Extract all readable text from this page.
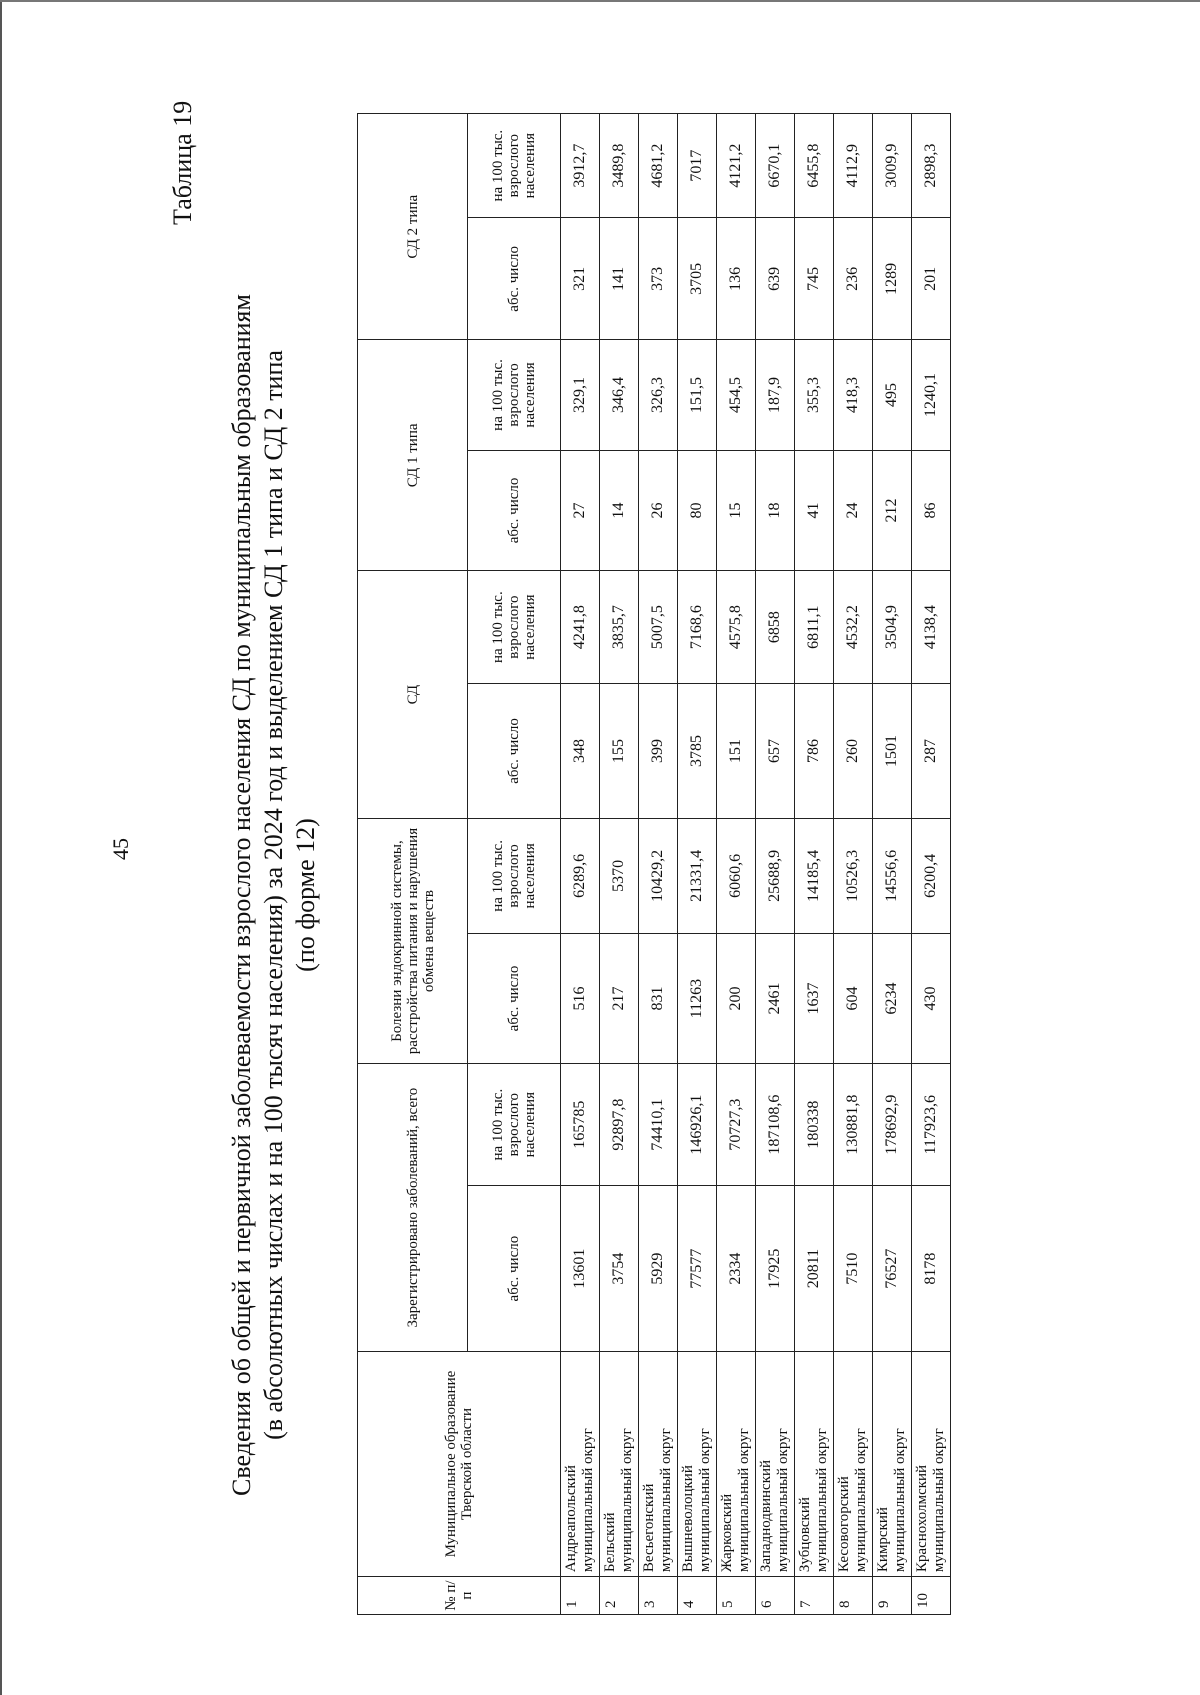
45
Таблица 19
Сведения об общей и первичной заболеваемости взрослого населения СД по муниципальным образованиям (в абсолютных числах и на 100 тысяч населения) за 2024 год и выделением СД 1 типа и СД 2 типа (по форме 12)
№ п/п	Муниципальное образование Тверской области	Зарегистрировано заболеваний, всего		Болезни эндокринной системы, расстройства питания и нарушения обмена веществ		СД		СД 1 типа		СД 2 типа	
		абс. число	на 100 тыс. взрослого населения	абс. число	на 100 тыс. взрослого населения	абс. число	на 100 тыс. взрослого населения	абс. число	на 100 тыс. взрослого населения	абс. число	на 100 тыс. взрослого населения
1	Андреапольский муниципальный округ	13601	165785	516	6289,6	348	4241,8	27	329,1	321	3912,7
2	Бельский муниципальный округ	3754	92897,8	217	5370	155	3835,7	14	346,4	141	3489,8
3	Весьегонский муниципальный округ	5929	74410,1	831	10429,2	399	5007,5	26	326,3	373	4681,2
4	Вышневолоцкий муниципальный округ	77577	146926,1	11263	21331,4	3785	7168,6	80	151,5	3705	7017
5	Жарковский муниципальный округ	2334	70727,3	200	6060,6	151	4575,8	15	454,5	136	4121,2
6	Западнодвинский муниципальный округ	17925	187108,6	2461	25688,9	657	6858	18	187,9	639	6670,1
7	Зубцовский муниципальный округ	20811	180338	1637	14185,4	786	6811,1	41	355,3	745	6455,8
8	Кесовогорский муниципальный округ	7510	130881,8	604	10526,3	260	4532,2	24	418,3	236	4112,9
9	Кимрский муниципальный округ	76527	178692,9	6234	14556,6	1501	3504,9	212	495	1289	3009,9
10	Краснохолмский муниципальный округ	8178	117923,6	430	6200,4	287	4138,4	86	1240,1	201	2898,3
